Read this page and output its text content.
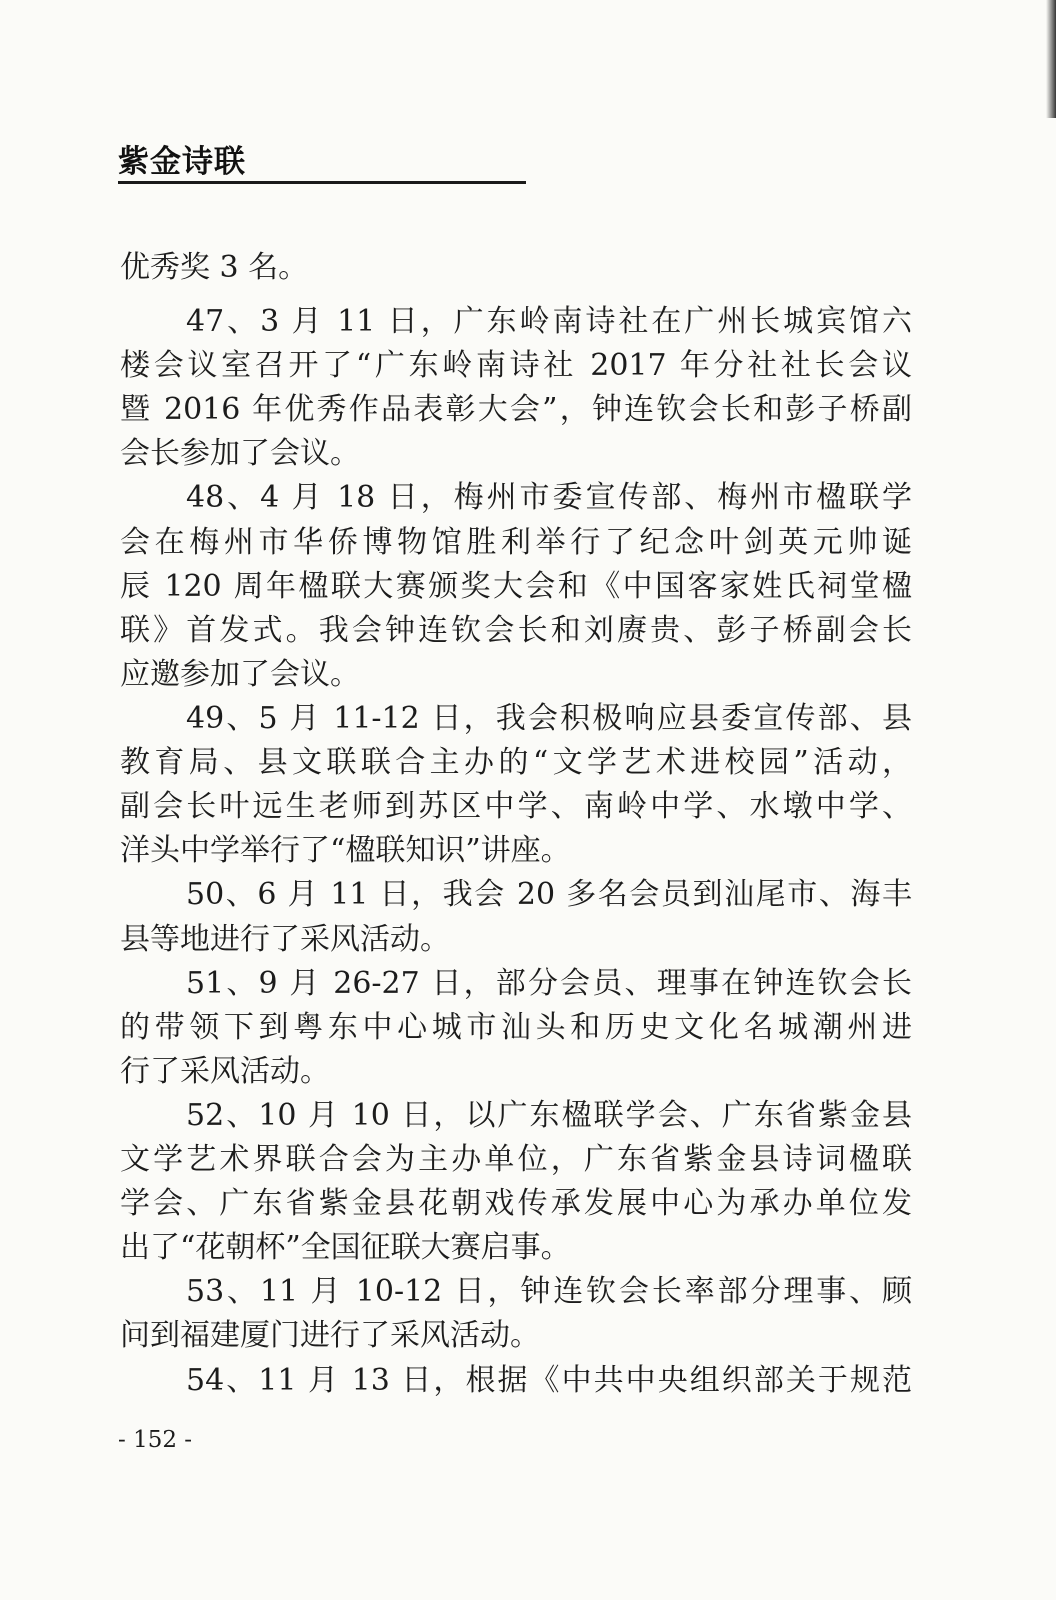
紫金诗联
优秀奖 3 名。
47、3 月 11 日，广东岭南诗社在广州长城宾馆六
楼会议室召开了“广东岭南诗社 2017 年分社社长会议
暨 2016 年优秀作品表彰大会”，钟连钦会长和彭子桥副
会长参加了会议。
48、4 月 18 日，梅州市委宣传部、梅州市楹联学
会在梅州市华侨博物馆胜利举行了纪念叶剑英元帅诞
辰 120 周年楹联大赛颁奖大会和《中国客家姓氏祠堂楹
联》首发式。我会钟连钦会长和刘赓贵、彭子桥副会长
应邀参加了会议。
49、5 月 11-12 日，我会积极响应县委宣传部、县
教育局、县文联联合主办的“文学艺术进校园”活动，
副会长叶远生老师到苏区中学、南岭中学、水墩中学、
洋头中学举行了“楹联知识”讲座。
50、6 月 11 日，我会 20 多名会员到汕尾市、海丰
县等地进行了采风活动。
51、9 月 26-27 日，部分会员、理事在钟连钦会长
的带领下到粤东中心城市汕头和历史文化名城潮州进
行了采风活动。
52、10 月 10 日，以广东楹联学会、广东省紫金县
文学艺术界联合会为主办单位，广东省紫金县诗词楹联
学会、广东省紫金县花朝戏传承发展中心为承办单位发
出了“花朝杯”全国征联大赛启事。
53、11 月 10-12 日，钟连钦会长率部分理事、顾
问到福建厦门进行了采风活动。
54、11 月 13 日，根据《中共中央组织部关于规范
- 152 -
